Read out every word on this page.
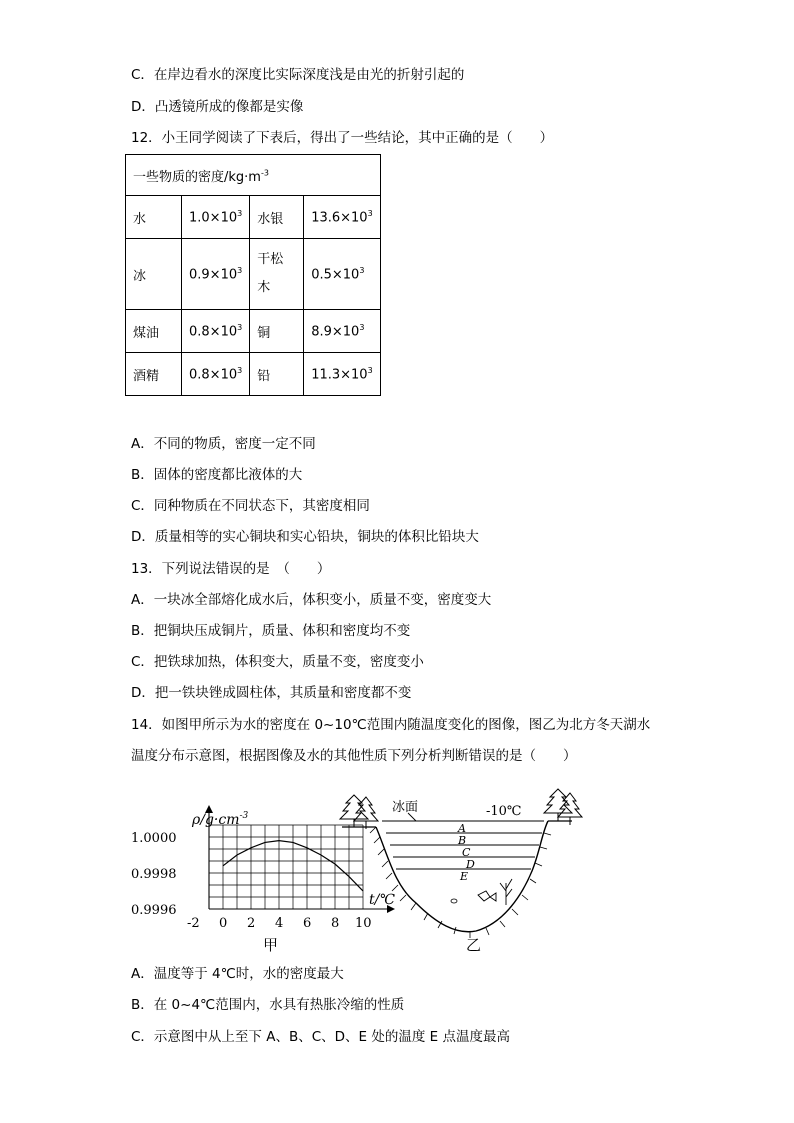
C．在岸边看水的深度比实际深度浅是由光的折射引起的
D．凸透镜所成的像都是实像
12．小王同学阅读了下表后，得出了一些结论，其中正确的是（　　）
一些物质的密度$/kg\cdot m^{-3}$
水	$1.0\times 10^3$	水银	$13.6\times 10^3$
冰	$0.9\times 10^3$	干松木	$0.5\times 10^3$
煤油	$0.8\times 10^3$	铜	$8.9\times 10^3$
酒精	$0.8\times 10^3$	铅	$11.3\times 10^3$
A．不同的物质，密度一定不同
B．固体的密度都比液体的大
C．同种物质在不同状态下，其密度相同
D．质量相等的实心铜块和实心铅块，铜块的体积比铅块大
13．下列说法错误的是　（　　）
A．一块冰全部熔化成水后，体积变小，质量不变，密度变大
B．把铜块压成铜片，质量、体积和密度均不变
C．把铁球加热，体积变大，质量不变，密度变小
D．把一铁块锉成圆柱体，其质量和密度都不变
14．如图甲所示为水的密度在 0~10℃范围内随温度变化的图像，图乙为北方冬天湖水
温度分布示意图，根据图像及水的其他性质下列分析判断错误的是（　　）
-2 0 2 4 6 8 10
1.0000
0.9998
0.9996
$\rho/g\cdot cm^{-3}$
t/℃
甲
冰面	-10℃
A
B
C
D
E
乙
A．温度等于 4℃时，水的密度最大
B．在 0~4℃范围内，水具有热胀冷缩的性质
C．示意图中从上至下 A、B、C、D、E 处的温度 E 点温度最高
